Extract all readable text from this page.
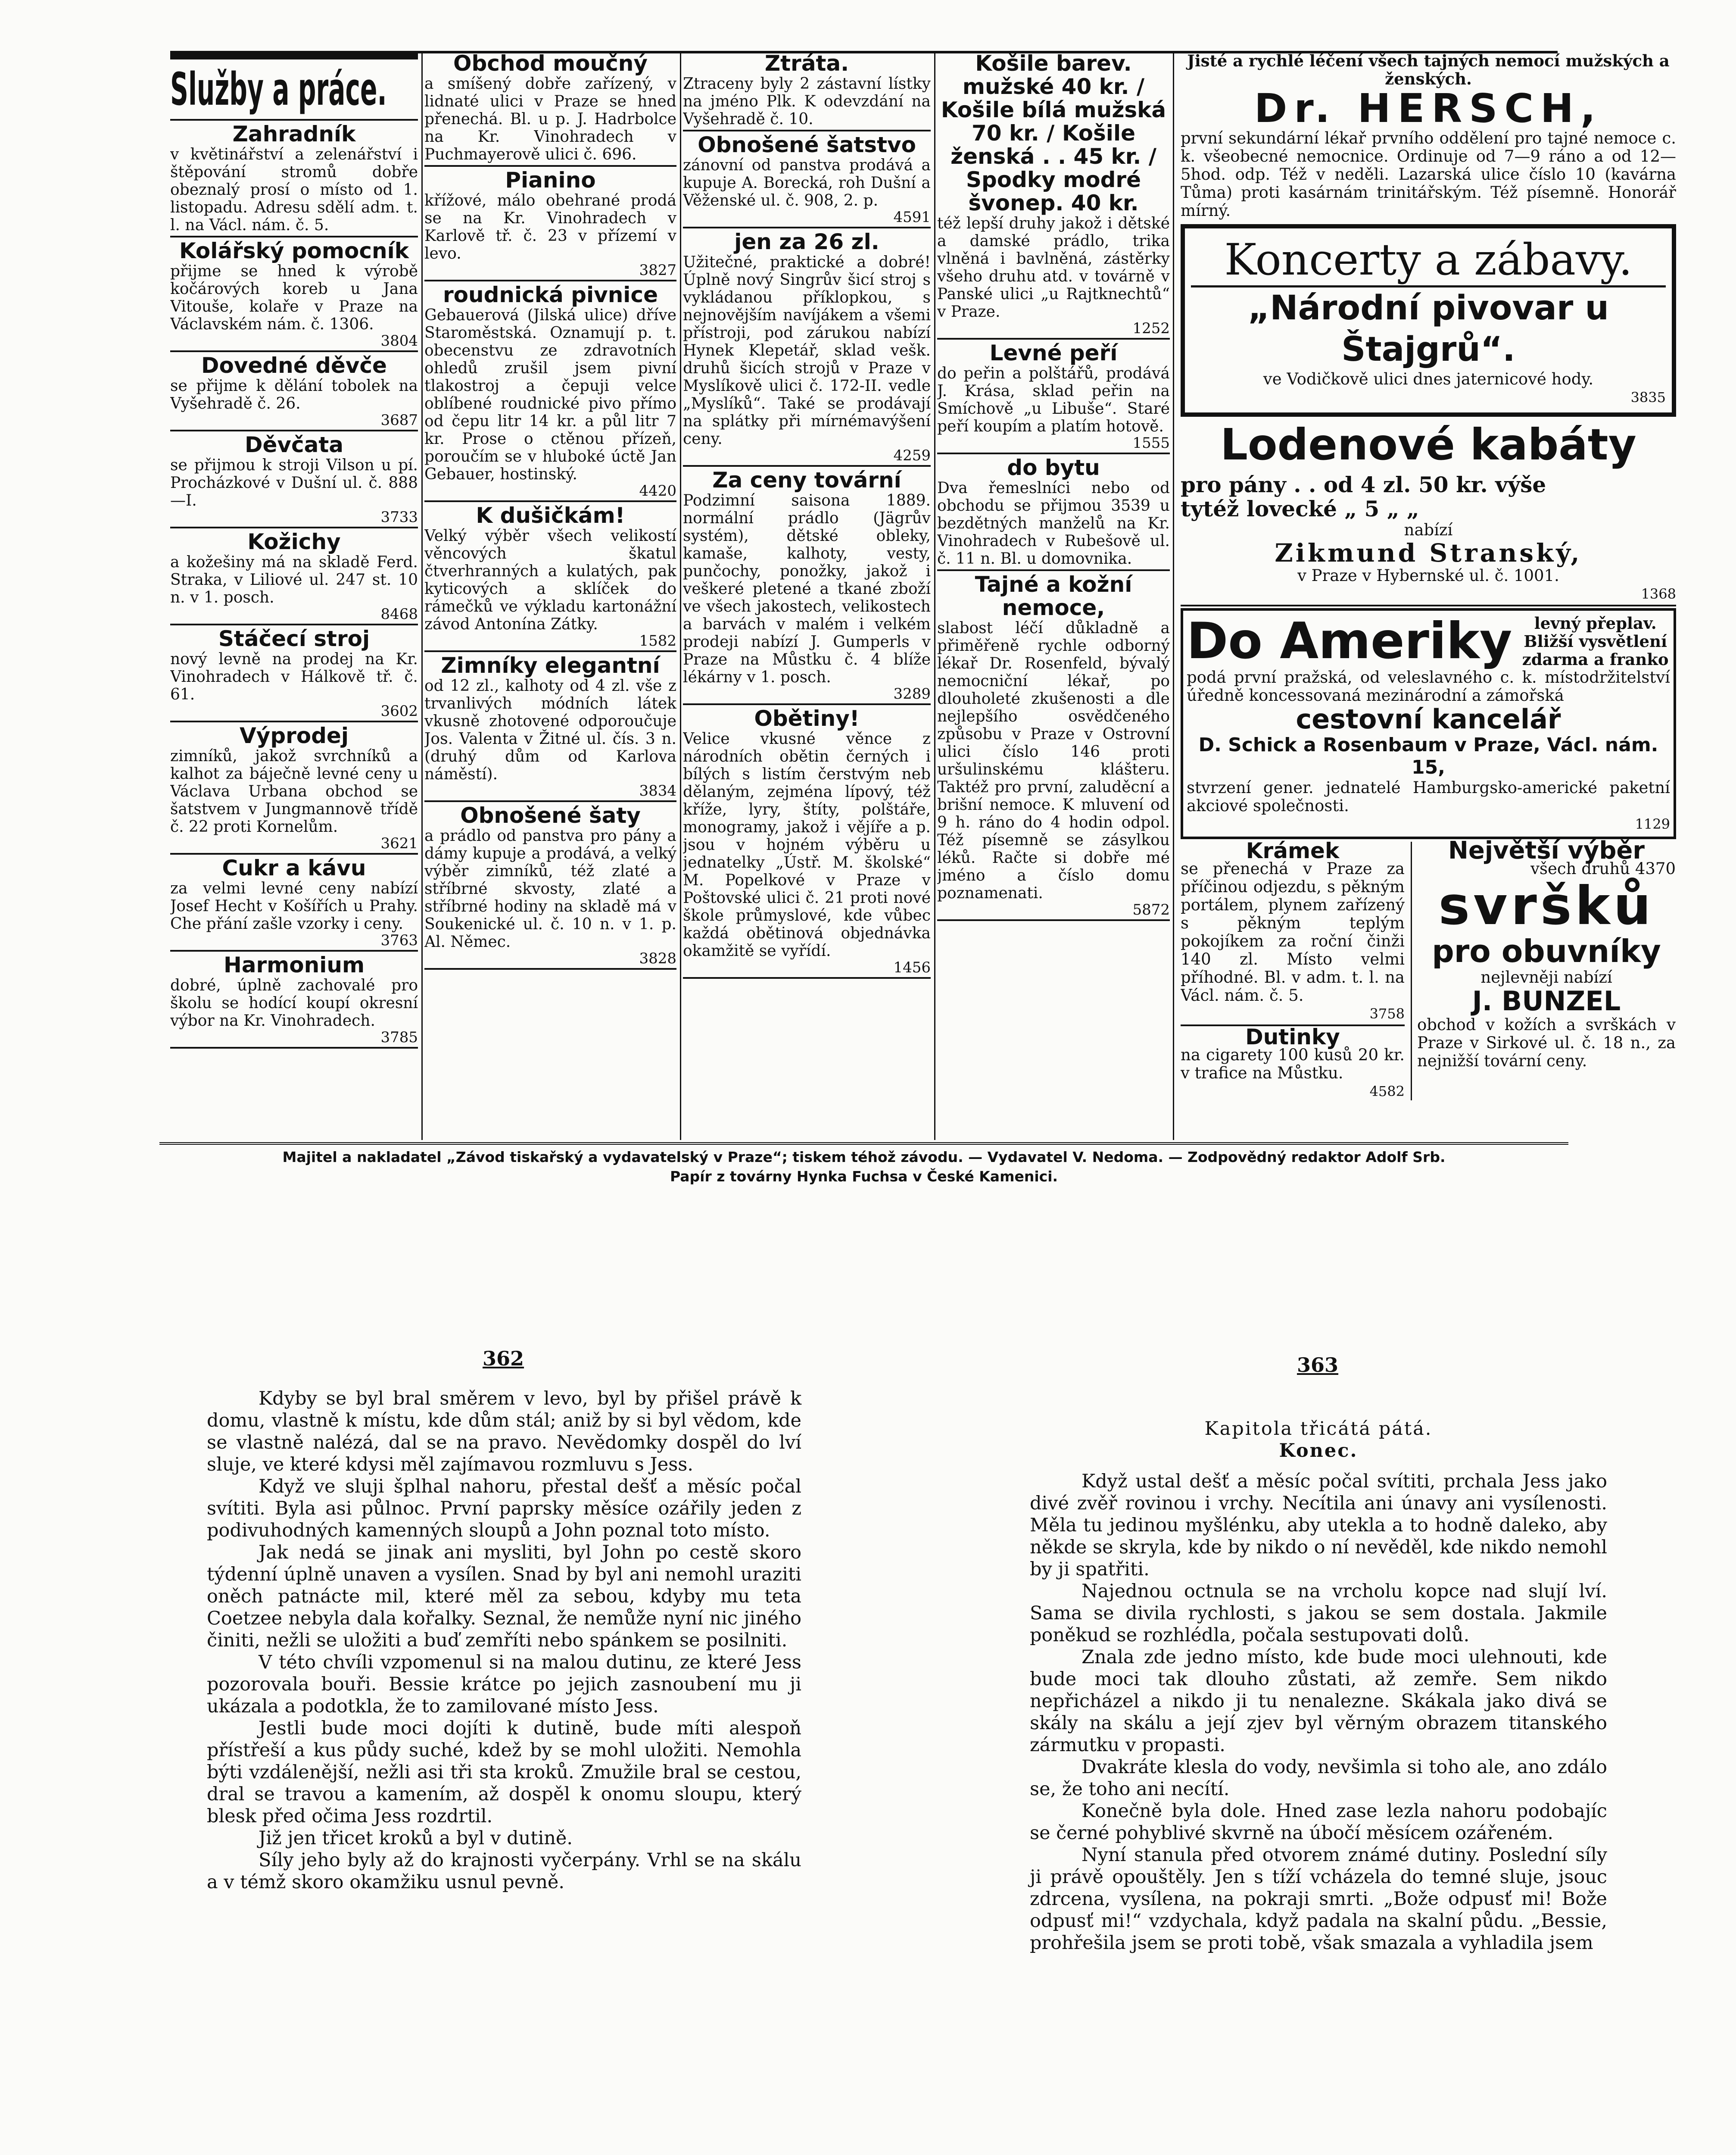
Služby a práce.
Zahradník

v květinářství a zelenářství i štěpování stromů dobře obeznalý prosí o místo od 1. listopadu. Adresu sdělí adm. t. l. na Václ. nám. č. 5.

Kolářský pomocník

přijme se hned k výrobě kočárových koreb u Jana Vitouše, kolaře v Praze na Václavském nám. č. 1306.

3804
Dovedné děvče

se přijme k dělání tobolek na Vyšehradě č. 26.

3687
Děvčata

se přijmou k stroji Vilson u pí. Procházkové v Dušní ul. č. 888—I.

3733
Kožichy

a kožešiny má na skladě Ferd. Straka, v Liliové ul. 247 st. 10 n. v 1. posch.

8468
Stáčecí stroj

nový levně na prodej na Kr. Vinohradech v Hálkově tř. č. 61.

3602
Výprodej

zimníků, jakož svrchníků a kalhot za báječně levné ceny u Václava Urbana obchod se šatstvem v Jungmannově třídě č. 22 proti Kornelům.

3621
Cukr a kávu

za velmi levné ceny nabízí Josef Hecht v Košířích u Prahy. Che přání zašle vzorky i ceny.

3763
Harmonium

dobré, úplně zachovalé pro školu se hodící koupí okresní výbor na Kr. Vinohradech.

3785
Obchod moučný

a smíšený dobře zařízený, v lidnaté ulici v Praze se hned přenechá. Bl. u p. J. Hadrbolce na Kr. Vinohradech v Puchmayerově ulici č. 696.

Pianino

křížové, málo obehrané prodá se na Kr. Vinohradech v Karlově tř. č. 23 v přízemí v levo.

3827
roudnická pivnice

Gebauerová (Jilská ulice) dříve Staroměstská. Oznamují p. t. obecenstvu ze zdravotních ohledů zrušil jsem pivní tlakostroj a čepuji velce oblíbené roudnické pivo přímo od čepu litr 14 kr. a půl litr 7 kr. Prose o ctěnou přízeň, poroučím se v hluboké úctě Jan Gebauer, hostinský.

4420
K dušičkám!

Velký výběr všech velikostí věncových škatul čtverhranných a kulatých, pak kyticových a sklíček do rámečků ve výkladu kartonážní závod Antonína Zátky.

1582
Zimníky elegantní

od 12 zl., kalhoty od 4 zl. vše z trvanlivých módních látek vkusně zhotovené odporoučuje Jos. Valenta v Žitné ul. čís. 3 n. (druhý dům od Karlova náměstí).

3834
Obnošené šaty

a prádlo od panstva pro pány a dámy kupuje a prodává, a velký výběr zimníků, též zlaté a stříbrné skvosty, zlaté a stříbrné hodiny na skladě má v Soukenické ul. č. 10 n. v 1. p. Al. Němec.

3828
Ztráta.

Ztraceny byly 2 zástavní lístky na jméno Plk. K odevzdání na Vyšehradě č. 10.

Obnošené šatstvo

zánovní od panstva prodává a kupuje A. Borecká, roh Dušní a Věženské ul. č. 908, 2. p.

4591
jen za 26 zl.

Užitečné, praktické a dobré! Úplně nový Singrův šicí stroj s vykládanou příklopkou, s nejnovějším navíjákem a všemi přístroji, pod zárukou nabízí Hynek Klepetář, sklad vešk. druhů šicích strojů v Praze v Myslíkově ulici č. 172-II. vedle „Myslíků“. Také se prodávají na splátky při mírnémavýšení ceny.

4259
Za ceny tovární

Podzimní saisona 1889. normální prádlo (Jägrův systém), dětské obleky, kamaše, kalhoty, vesty, punčochy, ponožky, jakož i veškeré pletené a tkané zboží ve všech jakostech, velikostech a barvách v malém i velkém prodeji nabízí J. Gumperls v Praze na Můstku č. 4 blíže lékárny v 1. posch.

3289
Obětiny!

Velice vkusné věnce z národních obětin černých i bílých s listím čerstvým neb dělaným, zejména lípový, též kříže, lyry, štíty, polštáře, monogramy, jakož i vějíře a p. jsou v hojném výběru u jednatelky „Ústř. M. školské“ M. Popelkové v Praze v Poštovské ulici č. 21 proti nové škole průmyslové, kde vůbec každá obětinová objednávka okamžitě se vyřídí.

1456
Košile barev. mužské 40 kr. / Košile bílá mužská 70 kr. / Košile ženská . . 45 kr. / Spodky modré švonep. 40 kr.

též lepší druhy jakož i dětské a damské prádlo, trika vlněná i bavlněná, zástěrky všeho druhu atd. v továrně v Panské ulici „u Rajtknechtů“ v Praze.

1252
Levné peří

do peřin a polštářů, prodává J. Krása, sklad peřin na Smíchově „u Libuše“. Staré peří koupím a platím hotově.

1555
do bytu

Dva řemeslníci nebo od obchodu se přijmou 3539 u bezdětných manželů na Kr. Vinohradech v Rubešově ul. č. 11 n. Bl. u domovnika.

Tajné a kožní nemoce,

slabost léčí důkladně a přiměřeně rychle odborný lékař Dr. Rosenfeld, bývalý nemocniční lékař, po dlouholeté zkušenosti a dle nejlepšího osvědčeného způsobu v Praze v Ostrovní ulici číslo 146 proti uršulinskému klášteru. Taktéž pro první, zaluděcní a brišní nemoce. K mluvení od 9 h. ráno do 4 hodin odpol. Též písemně se zásylkou léků. Račte si dobře mé jméno a číslo domu poznamenati.

5872

Jisté a rychlé léčení všech tajných nemocí mužských a ženských.

Dr. HERSCH,

první sekundární lékař prvního oddělení pro tajné nemoce c. k. všeobecné nemocnice. Ordinuje od 7—9 ráno a od 12—5hod. odp. Též v neděli. Lazarská ulice číslo 10 (kavárna Tůma) proti kasárnám trinitářským. Též písemně. Honorář mírný.

Koncerty a zábavy.
„Národní pivovar u Štajgrů“.
ve Vodičkově ulici dnes jaternicové hody.
3835
Lodenové kabáty
pro pány . . od 4 zl. 50 kr. výše
tytéž lovecké „ 5 „ „
nabízí
Zikmund Stranský,
v Praze v Hybernské ul. č. 1001.
1368
Do Ameriky	levný přeplav. Bližší vysvětlení zdarma a franko
podá první pražská, od veleslavného c. k. místodržitelství úředně koncessovaná mezinárodní a zámořská
cestovní kancelář
D. Schick a Rosenbaum v Praze, Václ. nám. 15,
stvrzení gener. jednatelé Hamburgsko-americké paketní akciové společnosti.
1129
Krámek

se přenechá v Praze za příčinou odjezdu, s pěkným portálem, plynem zařízený s pěkným teplým pokojíkem za roční činži 140 zl. Místo velmi příhodné. Bl. v adm. t. l. na Václ. nám. č. 5.

3758
Dutinky

na cigarety 100 kusů 20 kr. v trafice na Můstku.

4582
Největší výběr
všech druhů 4370
svršků
pro obuvníky
nejlevněji nabízí
J. BUNZEL
obchod v kožích a svrškách v Praze v Sirkové ul. č. 18 n., za nejnižší tovární ceny.
Majitel a nakladatel „Závod tiskařský a vydavatelský v Praze“; tiskem téhož závodu. — Vydavatel V. Nedoma. — Zodpovědný redaktor Adolf Srb.
Papír z továrny Hynka Fuchsa v České Kamenici.
362

Kdyby se byl bral směrem v levo, byl by přišel právě k domu, vlastně k místu, kde dům stál; aniž by si byl vědom, kde se vlastně nalézá, dal se na pravo. Nevědomky dospěl do lví sluje, ve které kdysi měl zajímavou rozmluvu s Jess.

Když ve sluji šplhal nahoru, přestal dešť a měsíc počal svítiti. Byla asi půlnoc. První paprsky měsíce ozářily jeden z podivuhodných kamenných sloupů a John poznal toto místo.

Jak nedá se jinak ani mysliti, byl John po cestě skoro týdenní úplně unaven a vysílen. Snad by byl ani nemohl uraziti oněch patnácte mil, které měl za sebou, kdyby mu teta Coetzee nebyla dala kořalky. Seznal, že nemůže nyní nic jiného činiti, nežli se uložiti a buď zemříti nebo spánkem se posilniti.

V této chvíli vzpomenul si na malou dutinu, ze které Jess pozorovala bouři. Bessie krátce po jejich zasnoubení mu ji ukázala a podotkla, že to zamilované místo Jess.

Jestli bude moci dojíti k dutině, bude míti alespoň přístřeší a kus půdy suché, kdež by se mohl uložiti. Nemohla býti vzdálenější, nežli asi tři sta kroků. Zmužile bral se cestou, dral se travou a kamením, až dospěl k onomu sloupu, který blesk před očima Jess rozdrtil.

Již jen třicet kroků a byl v dutině.

Síly jeho byly až do krajnosti vyčerpány. Vrhl se na skálu a v témž skoro okamžiku usnul pevně.

363

Kapitola třicátá pátá.

Konec.

Když ustal dešť a měsíc počal svítiti, prchala Jess jako divé zvěř rovinou i vrchy. Necítila ani únavy ani vysílenosti. Měla tu jedinou myšlénku, aby utekla a to hodně daleko, aby někde se skryla, kde by nikdo o ní nevěděl, kde nikdo nemohl by ji spatřiti.

Najednou octnula se na vrcholu kopce nad slují lví. Sama se divila rychlosti, s jakou se sem dostala. Jakmile poněkud se rozhlédla, počala sestupovati dolů.

Znala zde jedno místo, kde bude moci ulehnouti, kde bude moci tak dlouho zůstati, až zemře. Sem nikdo nepřicházel a nikdo ji tu nenalezne. Skákala jako divá se skály na skálu a její zjev byl věrným obrazem titanského zármutku v propasti.

Dvakráte klesla do vody, nevšimla si toho ale, ano zdálo se, že toho ani necítí.

Konečně byla dole. Hned zase lezla nahoru podobajíc se černé pohyblivé skvrně na úbočí měsícem ozářeném.

Nyní stanula před otvorem známé dutiny. Poslední síly ji právě opouštěly. Jen s tíží vcházela do temné sluje, jsouc zdrcena, vysílena, na pokraji smrti. „Bože odpusť mi! Bože odpusť mi!“ vzdychala, když padala na skalní půdu. „Bessie, prohřešila jsem se proti tobě, však smazala a vyhladila jsem
